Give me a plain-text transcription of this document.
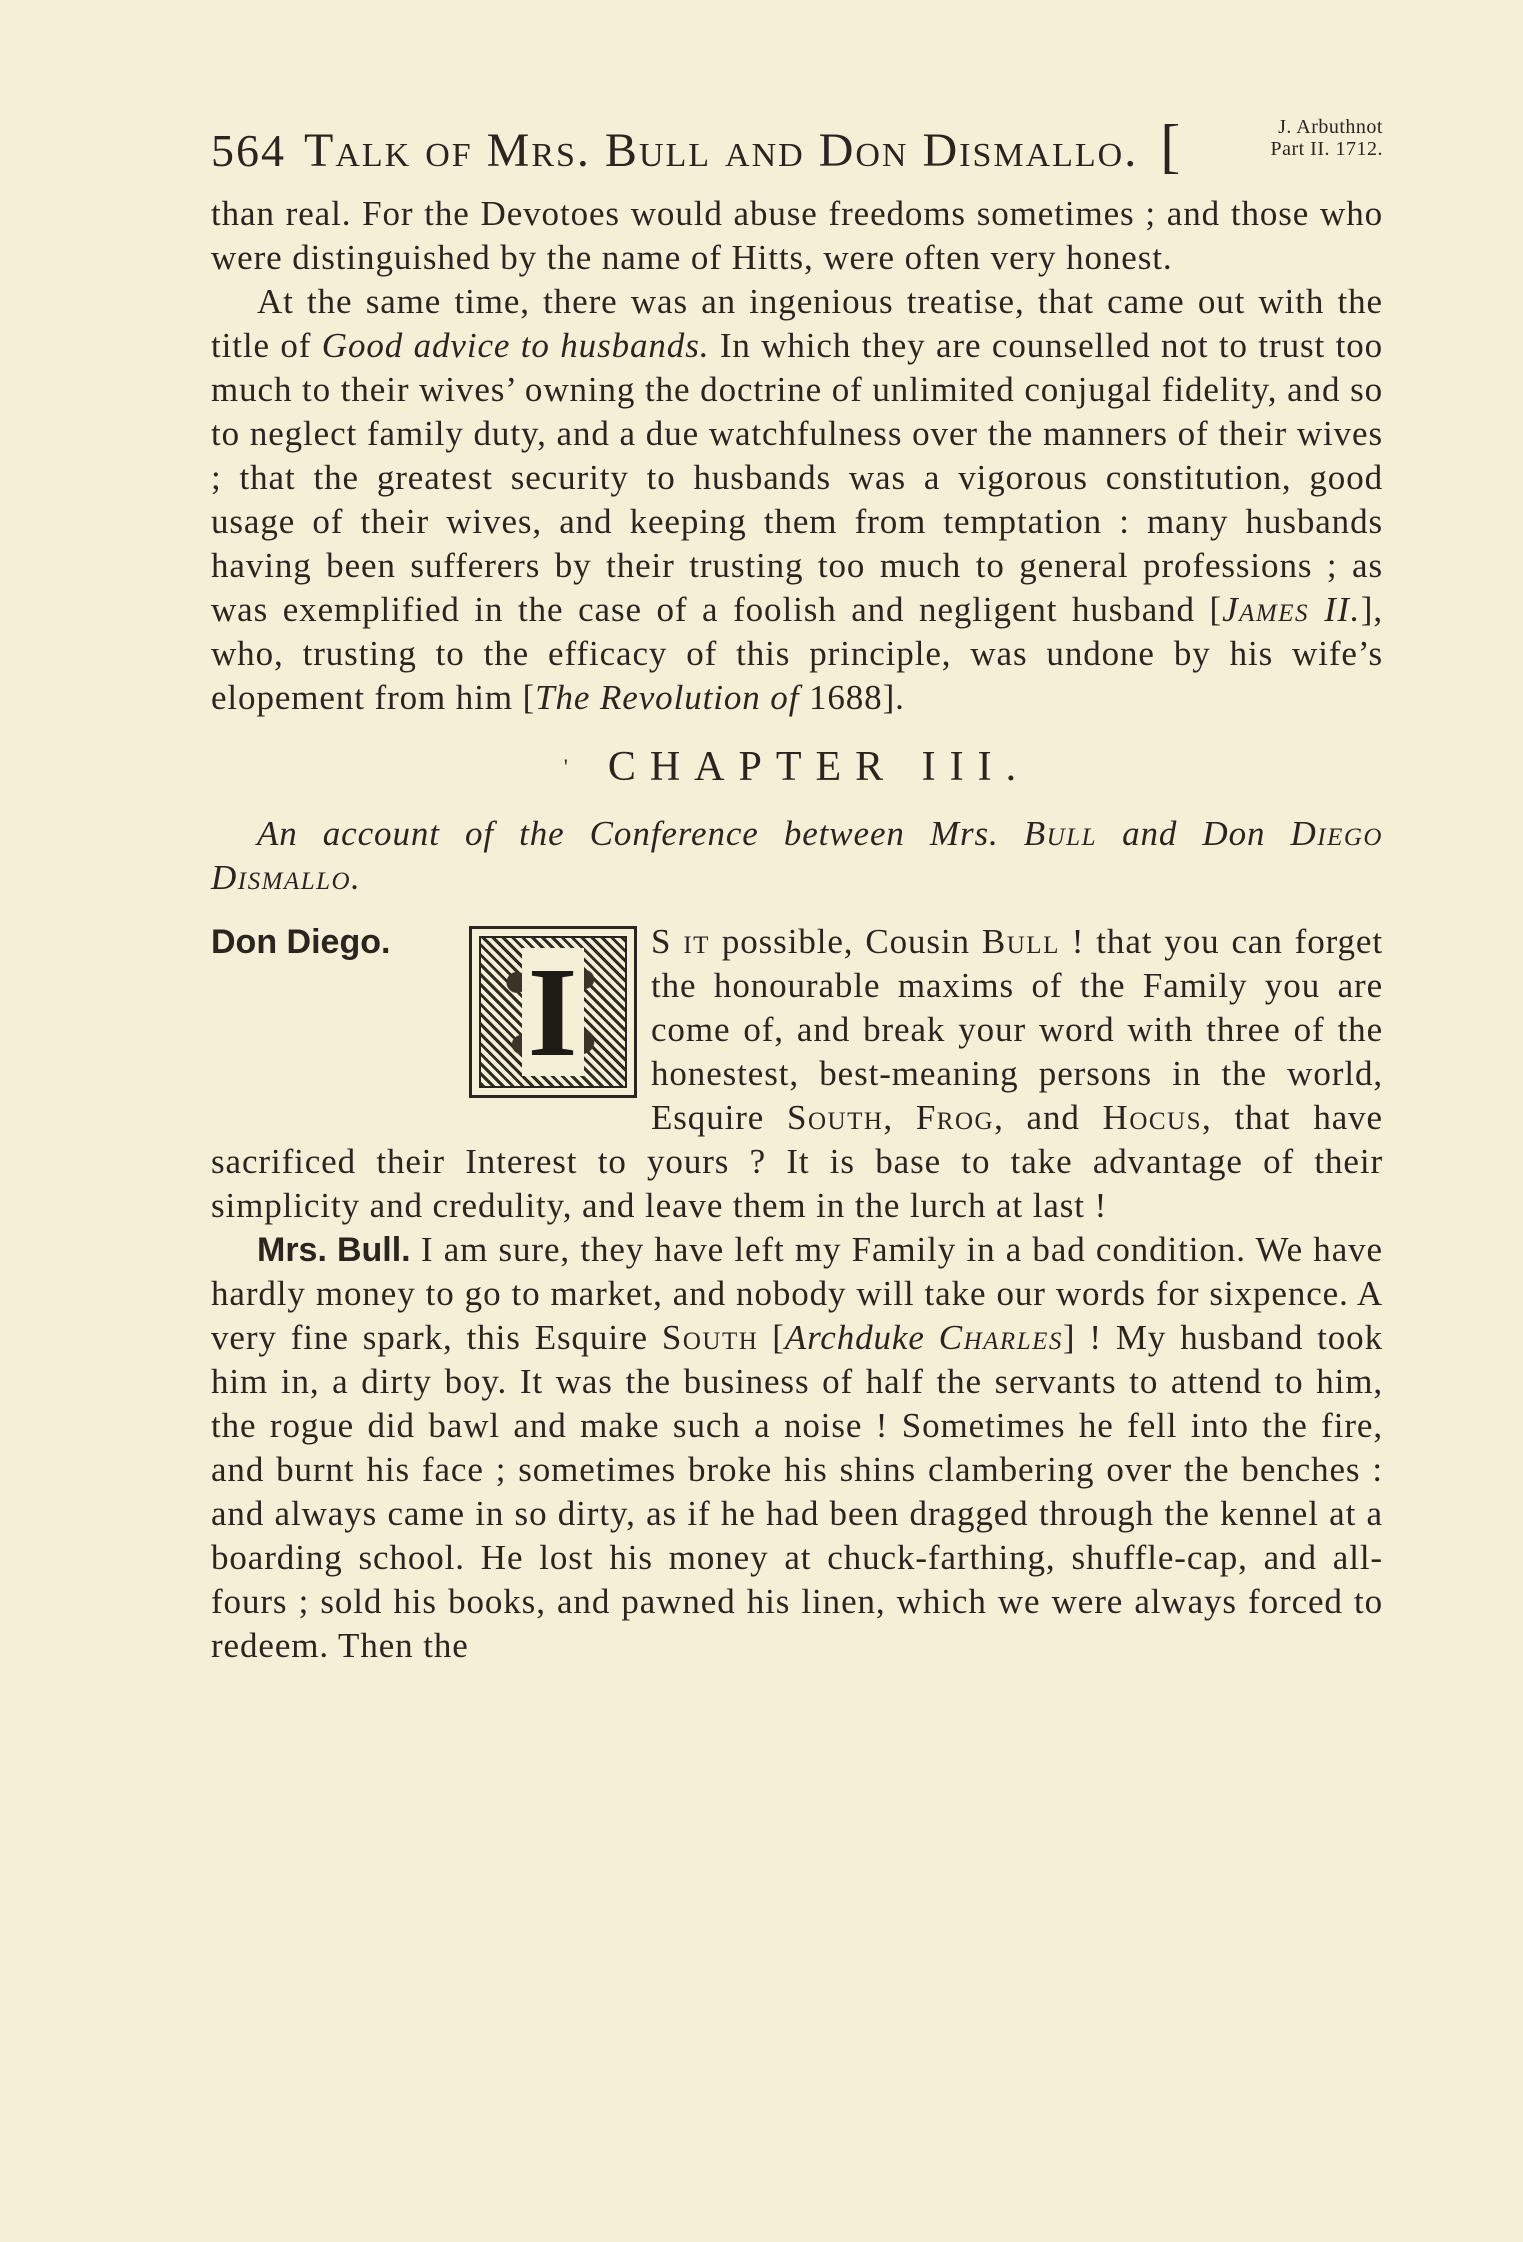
564 Talk of Mrs. Bull and Don Dismallo. [	J. Arbuthnot
Part II. 1712.

than real. For the Devotoes would abuse freedoms sometimes ; and those who were distinguished by the name of Hitts, were often very honest.

At the same time, there was an ingenious treatise, that came out with the title of Good advice to husbands. In which they are counselled not to trust too much to their wives’ owning the doctrine of unlimited conjugal fidelity, and so to neglect family duty, and a due watchfulness over the manners of their wives ; that the greatest security to husbands was a vigorous constitution, good usage of their wives, and keeping them from temptation : many husbands having been sufferers by their trusting too much to general professions ; as was exemplified in the case of a foolish and negligent husband [James II.], who, trusting to the efficacy of this principle, was undone by his wife’s elopement from him [The Revolution of 1688].

' CHAPTER III.

An account of the Conference between Mrs. Bull and Don Diego Dismallo.

Don Diego. I	S it possible, Cousin Bull ! that you can forget the honourable maxims of the Family you are come of, and break your word with three of the honestest, best-meaning persons in the world, Esquire South, Frog, and Hocus, that have sacrificed their Interest to yours ? It is base to take advantage of their simplicity and credulity, and leave them in the lurch at last !

Mrs. Bull. I am sure, they have left my Family in a bad condition. We have hardly money to go to market, and nobody will take our words for sixpence. A very fine spark, this Esquire South [Archduke Charles] ! My husband took him in, a dirty boy. It was the business of half the servants to attend to him, the rogue did bawl and make such a noise ! Sometimes he fell into the fire, and burnt his face ; sometimes broke his shins clambering over the benches : and always came in so dirty, as if he had been dragged through the kennel at a boarding school. He lost his money at chuck-farthing, shuffle-cap, and all-fours ; sold his books, and pawned his linen, which we were always forced to redeem. Then the
